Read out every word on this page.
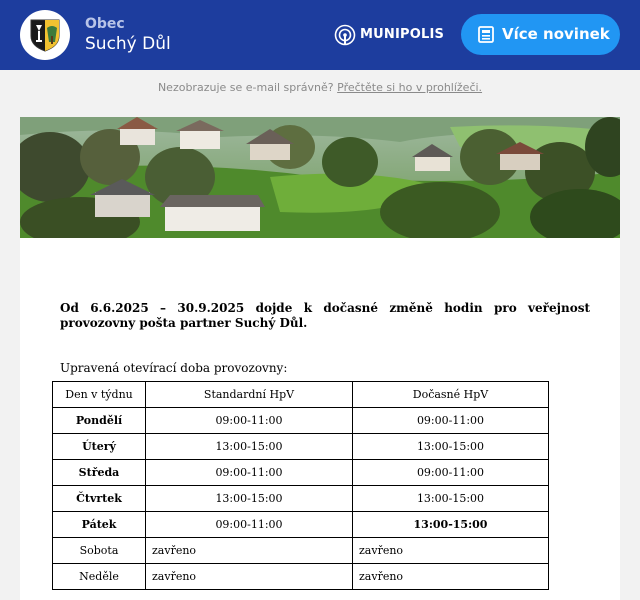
Obec
Suchý Důl	MUNIPOLIS	Více novinek
Nezobrazuje se e-mail správně? Přečtěte si ho v prohlížeči.
Od 6.6.2025 – 30.9.2025 dojde k dočasné změně hodin pro veřejnost provozovny pošta partner Suchý Důl.
Upravená otevírací doba provozovny:
Den v týdnu	Standardní HpV	Dočasné HpV
Pondělí	09:00-11:00	09:00-11:00
Úterý	13:00-15:00	13:00-15:00
Středa	09:00-11:00	09:00-11:00
Čtvrtek	13:00-15:00	13:00-15:00
Pátek	09:00-11:00	13:00-15:00
Sobota	zavřeno	zavřeno
Neděle	zavřeno	zavřeno
